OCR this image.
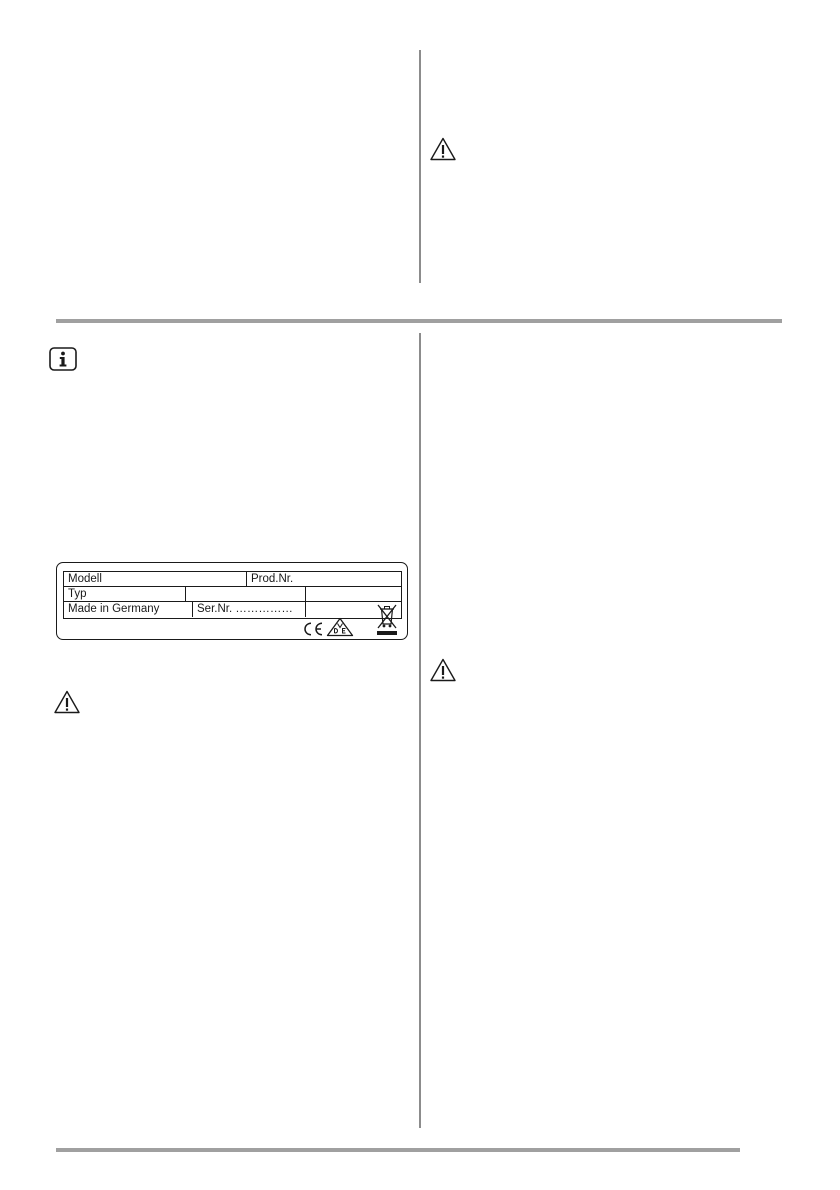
Modell	Prod.Nr.
Typ
Made in Germany	Ser.Nr. ……………
